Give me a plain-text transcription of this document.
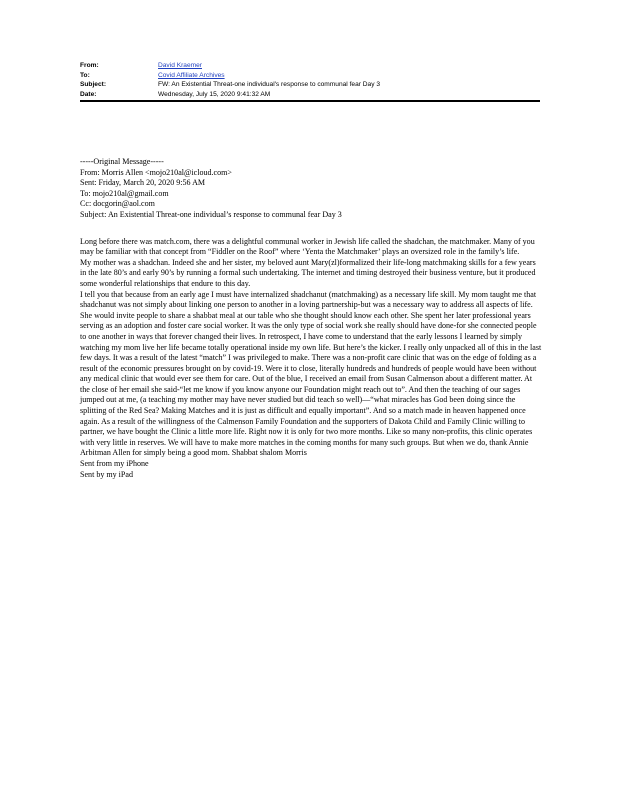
From:	David Kraemer
To:	Covid Affiliate Archives
Subject:	FW: An Existential Threat-one individual's response to communal fear Day 3
Date:	Wednesday, July 15, 2020 9:41:32 AM

-----Original Message-----

From: Morris Allen <mojo210al@icloud.com>

Sent: Friday, March 20, 2020 9:56 AM

To: mojo210al@gmail.com

Cc: docgorin@aol.com

Subject: An Existential Threat-one individual’s response to communal fear Day 3

Long before there was match.com, there was a delightful communal worker in Jewish life called the shadchan, the matchmaker. Many of you may be familiar with that concept from “Fiddler on the Roof” where ‘Yenta the Matchmaker’ plays an oversized role in the family’s life.

My mother was a shadchan. Indeed she and her sister, my beloved aunt Mary(zl)formalized their life-long matchmaking skills for a few years in the late 80’s and early 90’s by running a formal such undertaking. The internet and timing destroyed their business venture, but it produced some wonderful relationships that endure to this day.

I tell you that because from an early age I must have internalized shadchanut (matchmaking) as a necessary life skill. My mom taught me that shadchanut was not simply about linking one person to another in a loving partnership-but was a necessary way to address all aspects of life. She would invite people to share a shabbat meal at our table who she thought should know each other. She spent her later professional years serving as an adoption and foster care social worker. It was the only type of social work she really should have done-for she connected people to one another in ways that forever changed their lives. In retrospect, I have come to understand that the early lessons I learned by simply watching my mom live her life became totally operational inside my own life. But here’s the kicker. I really only unpacked all of this in the last few days. It was a result of the latest “match” I was privileged to make. There was a non-profit care clinic that was on the edge of folding as a result of the economic pressures brought on by covid-19. Were it to close, literally hundreds and hundreds of people would have been without any medical clinic that would ever see them for care. Out of the blue, I received an email from Susan Calmenson about a different matter. At the close of her email she said-“let me know if you know anyone our Foundation might reach out to”. And then the teaching of our sages jumped out at me, (a teaching my mother may have never studied but did teach so well)—“what miracles has God been doing since the splitting of the Red Sea? Making Matches and it is just as difficult and equally important”. And so a match made in heaven happened once again. As a result of the willingness of the Calmenson Family Foundation and the supporters of Dakota Child and Family Clinic willing to partner, we have bought the Clinic a little more life. Right now it is only for two more months. Like so many non-profits, this clinic operates with very little in reserves. We will have to make more matches in the coming months for many such groups. But when we do, thank Annie Arbitman Allen for simply being a good mom. Shabbat shalom Morris

Sent from my iPhone

Sent by my iPad
